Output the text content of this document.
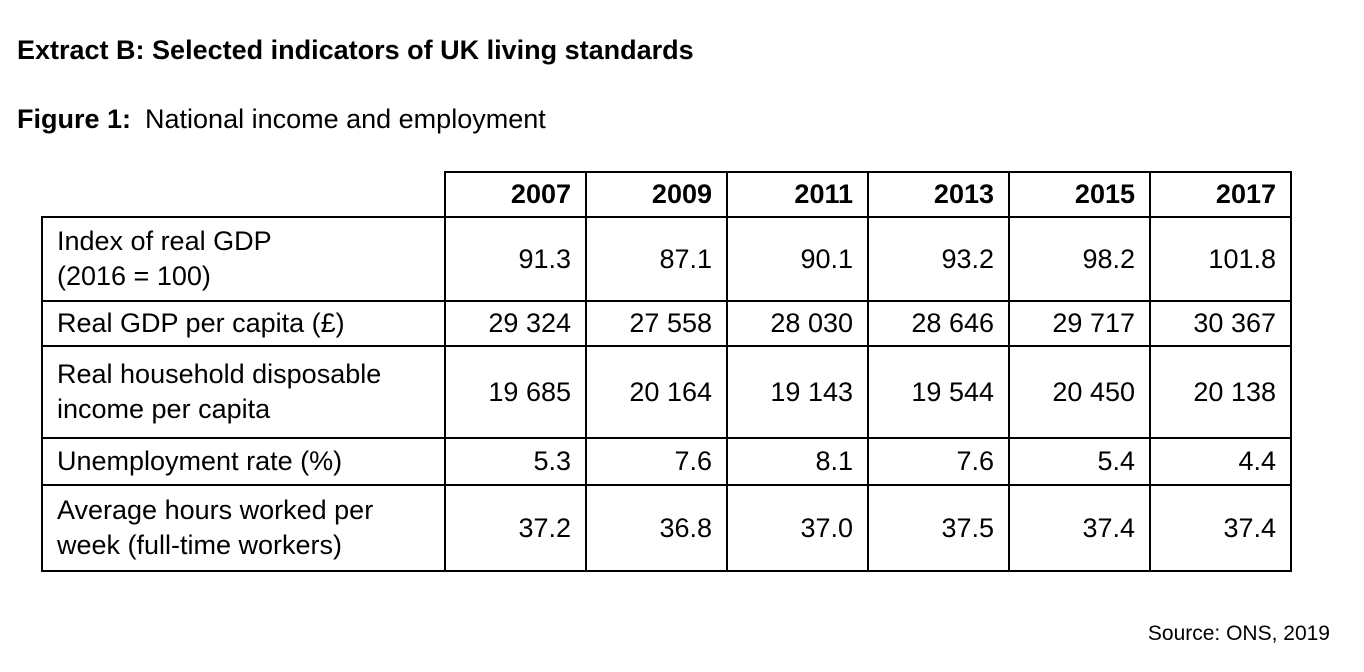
Extract B: Selected indicators of UK living standards
Figure 1: National income and employment
	2007	2009	2011	2013	2015	2017

Index of real GDP
(2016 = 100)	91.3	87.1	90.1	93.2	98.2	101.8

Real GDP per capita (£)	29 324	27 558	28 030	28 646	29 717	30 367

Real household disposable
income per capita	19 685	20 164	19 143	19 544	20 450	20 138

Unemployment rate (%)	5.3	7.6	8.1	7.6	5.4	4.4

Average hours worked per
week (full-time workers)	37.2	36.8	37.0	37.5	37.4	37.4
Source: ONS, 2019
